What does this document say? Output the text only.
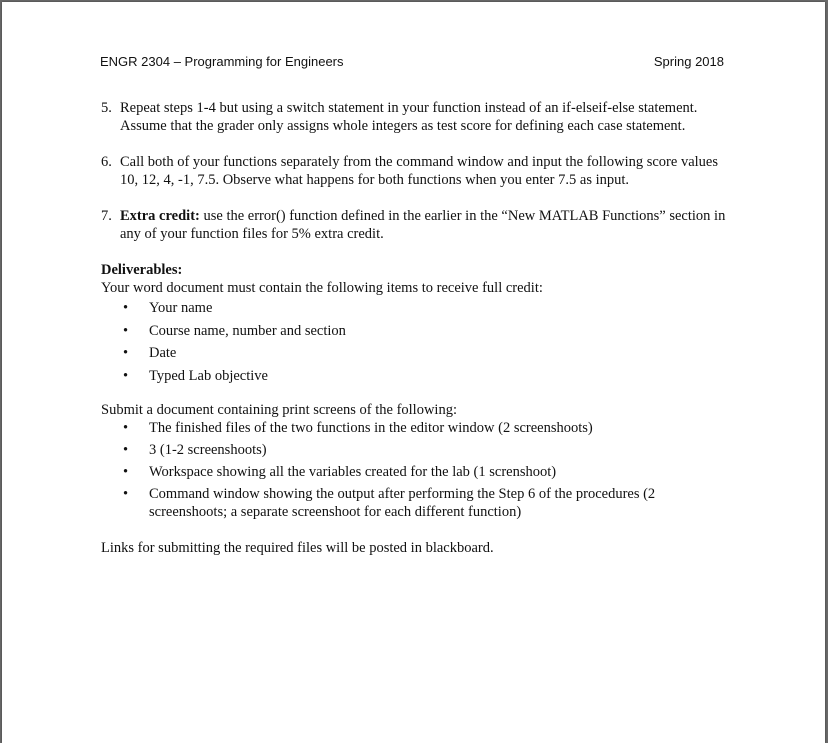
ENGR 2304 – Programming for Engineers	Spring 2018
5. Repeat steps 1-4 but using a switch statement in your function instead of an if-elseif-else statement. Assume that the grader only assigns whole integers as test score for defining each case statement.
6. Call both of your functions separately from the command window and input the following score values 10, 12, 4, -1, 7.5. Observe what happens for both functions when you enter 7.5 as input.
7. Extra credit: use the error() function defined in the earlier in the “New MATLAB Functions” section in any of your function files for 5% extra credit.
Deliverables:
Your word document must contain the following items to receive full credit:
• Your name
• Course name, number and section
• Date
• Typed Lab objective
Submit a document containing print screens of the following:
• The finished files of the two functions in the editor window (2 screenshoots)
• 3 (1-2 screenshoots)
• Workspace showing all the variables created for the lab (1 screnshoot)
• Command window showing the output after performing the Step 6 of the procedures (2 screenshoots; a separate screenshoot for each different function)
Links for submitting the required files will be posted in blackboard.
